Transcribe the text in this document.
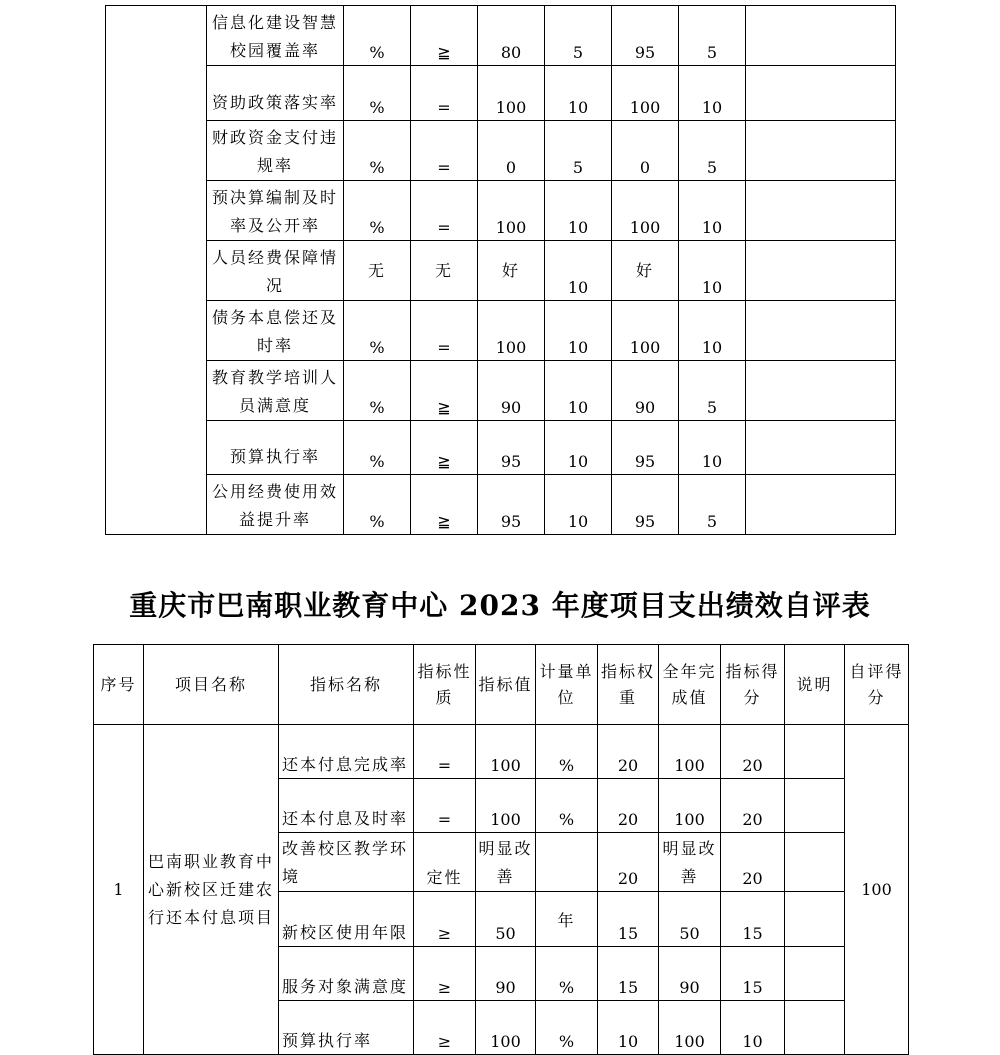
	信息化建设智慧校园覆盖率	%	≧	80	5	95	5	
	资助政策落实率	%	=	100	10	100	10	
	财政资金支付违规率	%	=	0	5	0	5	
	预决算编制及时率及公开率	%	=	100	10	100	10	
	人员经费保障情况	无	无	好	10	好	10	
	债务本息偿还及时率	%	=	100	10	100	10	
	教育教学培训人员满意度	%	≧	90	10	90	5	
	预算执行率	%	≧	95	10	95	10	
	公用经费使用效益提升率	%	≧	95	10	95	5	
重庆市巴南职业教育中心 2023 年度项目支出绩效自评表
序号	项目名称	指标名称	指标性质	指标值	计量单位	指标权重	全年完成值	指标得分	说明	自评得分
1	巴南职业教育中心新校区迁建农行还本付息项目	还本付息完成率	=	100	%	20	100	20		100
		还本付息及时率	=	100	%	20	100	20		
		改善校区教学环境	定性	明显改善		20	明显改善	20		
		新校区使用年限	≥	50	年	15	50	15		
		服务对象满意度	≥	90	%	15	90	15		
		预算执行率	≥	100	%	10	100	10		
